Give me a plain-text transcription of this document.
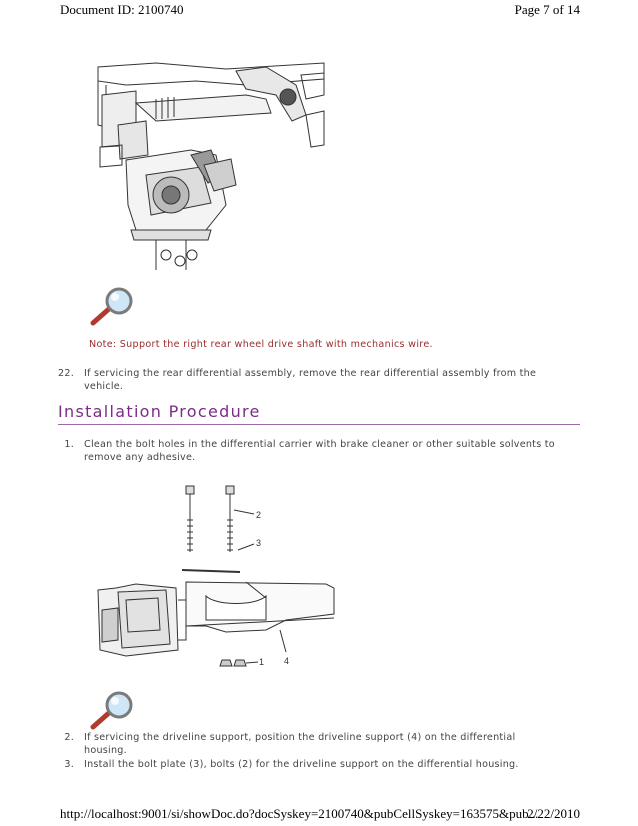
Document ID: 2100740	Page 7 of 14
Note: Support the right rear wheel drive shaft with mechanics wire.
22. If servicing the rear differential assembly, remove the rear differential assembly from the
vehicle.
Installation Procedure
1. Clean the bolt holes in the differential carrier with brake cleaner or other suitable solvents to
remove any adhesive.
2
3
1 4
2. If servicing the driveline support, position the driveline support (4) on the differential
housing.
3. Install the bolt plate (3), bolts (2) for the driveline support on the differential housing.
http://localhost:9001/si/showDoc.do?docSyskey=2100740&pubCellSyskey=163575&pub...
2/22/2010
